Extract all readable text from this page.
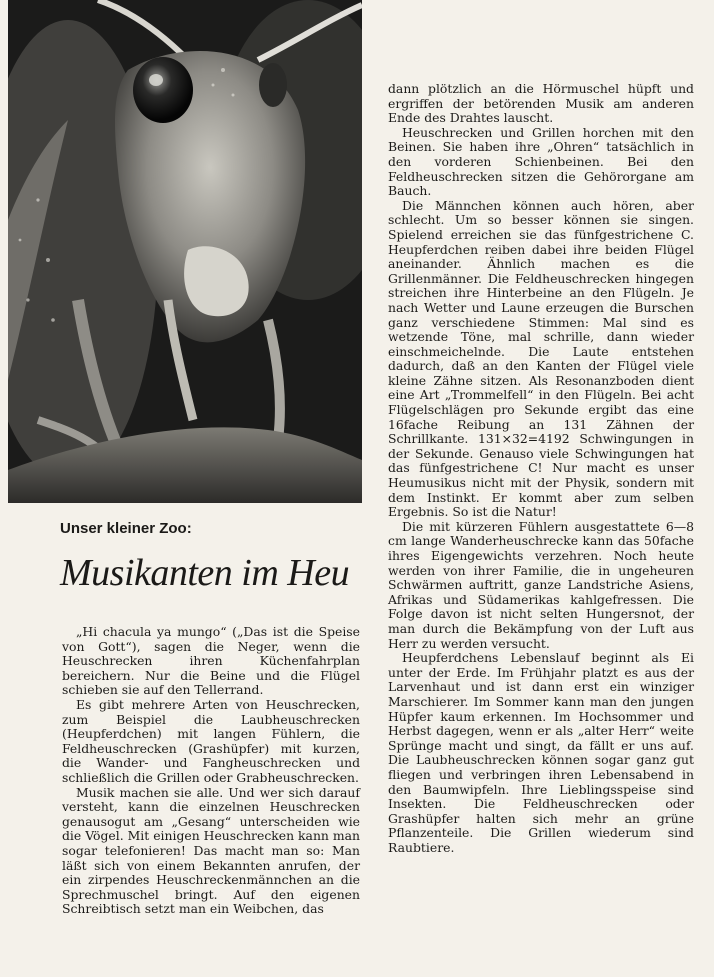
Unser kleiner Zoo:
Musikanten im Heu

„Hi chacula ya mungo“ („Das ist die Speise von Gott“), sagen die Neger, wenn die Heuschrecken ihren Küchenfahrplan bereichern. Nur die Beine und die Flügel schieben sie auf den Tellerrand.

Es gibt mehrere Arten von Heuschrecken, zum Beispiel die Laubheuschrecken (Heupferdchen) mit langen Fühlern, die Feldheuschrecken (Grashüpfer) mit kurzen, die Wander- und Fangheuschrecken und schließlich die Grillen oder Grabheuschrecken.

Musik machen sie alle. Und wer sich darauf versteht, kann die einzelnen Heuschrecken genausogut am „Gesang“ unterscheiden wie die Vögel. Mit einigen Heuschrecken kann man sogar telefonieren! Das macht man so: Man läßt sich von einem Bekannten anrufen, der ein zirpendes Heuschreckenmännchen an die Sprechmuschel bringt. Auf den eigenen Schreibtisch setzt man ein Weibchen, das

dann plötzlich an die Hörmuschel hüpft und ergriffen der betörenden Musik am anderen Ende des Drahtes lauscht.

Heuschrecken und Grillen horchen mit den Beinen. Sie haben ihre „Ohren“ tatsächlich in den vorderen Schienbeinen. Bei den Feldheuschrecken sitzen die Gehörorgane am Bauch.

Die Männchen können auch hören, aber schlecht. Um so besser können sie singen. Spielend erreichen sie das fünfgestrichene C. Heupferdchen reiben dabei ihre beiden Flügel aneinander. Ähnlich machen es die Grillenmänner. Die Feldheuschrecken hingegen streichen ihre Hinterbeine an den Flügeln. Je nach Wetter und Laune erzeugen die Burschen ganz verschiedene Stimmen: Mal sind es wetzende Töne, mal schrille, dann wieder einschmeichelnde. Die Laute entstehen dadurch, daß an den Kanten der Flügel viele kleine Zähne sitzen. Als Resonanzboden dient eine Art „Trommelfell“ in den Flügeln. Bei acht Flügelschlägen pro Sekunde ergibt das eine 16fache Reibung an 131 Zähnen der Schrillkante. 131×32=4192 Schwingungen in der Sekunde. Genauso viele Schwingungen hat das fünfgestrichene C! Nur macht es unser Heumusikus nicht mit der Physik, sondern mit dem Instinkt. Er kommt aber zum selben Ergebnis. So ist die Natur!

Die mit kürzeren Fühlern ausgestattete 6—8 cm lange Wanderheuschrecke kann das 50fache ihres Eigengewichts verzehren. Noch heute werden von ihrer Familie, die in ungeheuren Schwärmen auftritt, ganze Landstriche Asiens, Afrikas und Südamerikas kahlgefressen. Die Folge davon ist nicht selten Hungersnot, der man durch die Bekämpfung von der Luft aus Herr zu werden versucht.

Heupferdchens Lebenslauf beginnt als Ei unter der Erde. Im Frühjahr platzt es aus der Larvenhaut und ist dann erst ein winziger Marschierer. Im Sommer kann man den jungen Hüpfer kaum erkennen. Im Hochsommer und Herbst dagegen, wenn er als „alter Herr“ weite Sprünge macht und singt, da fällt er uns auf. Die Laubheuschrecken können sogar ganz gut fliegen und verbringen ihren Lebensabend in den Baumwipfeln. Ihre Lieblingsspeise sind Insekten. Die Feldheuschrecken oder Grashüpfer halten sich mehr an grüne Pflanzenteile. Die Grillen wiederum sind Raubtiere.
